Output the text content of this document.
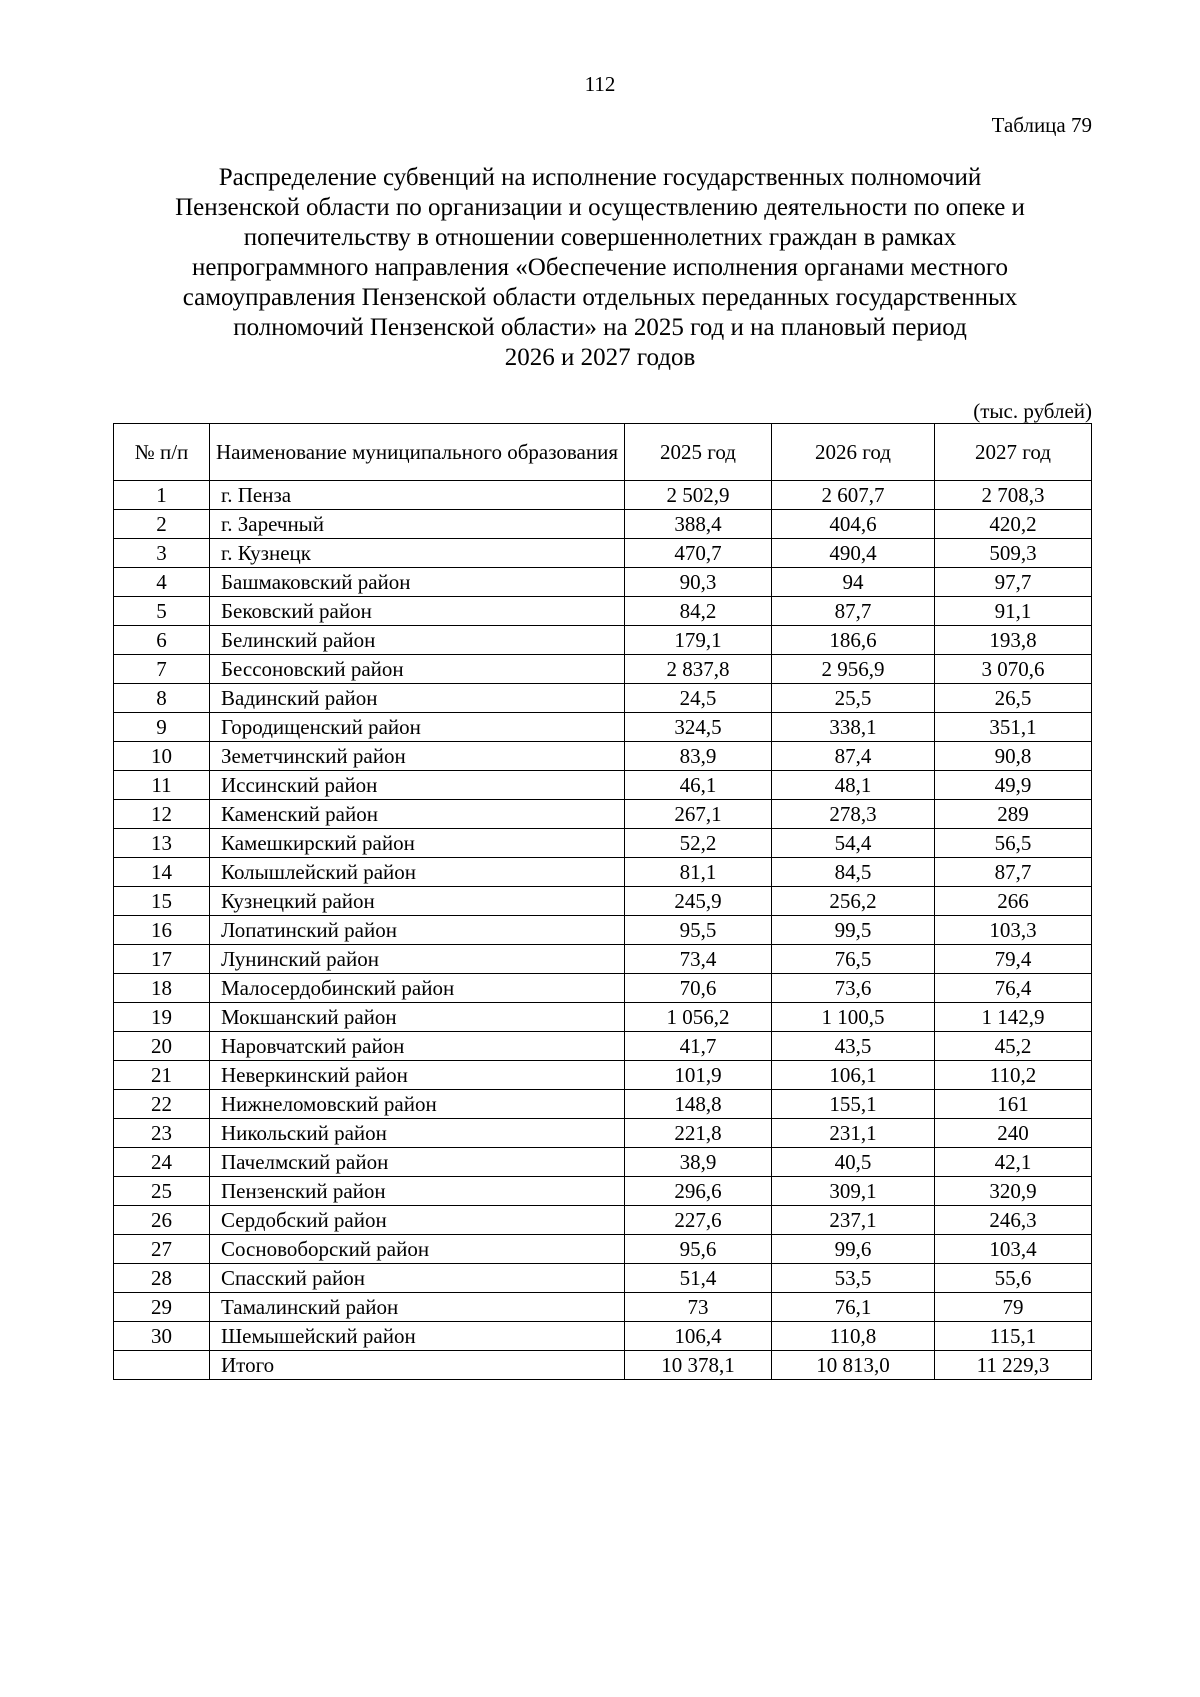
112
Таблица 79
Распределение субвенций на исполнение государственных полномочий
Пензенской области по организации и осуществлению деятельности по опеке и
попечительству в отношении совершеннолетних граждан в рамках
непрограммного направления «Обеспечение исполнения органами местного
самоуправления Пензенской области отдельных переданных государственных
полномочий Пензенской области» на 2025 год и на плановый период
2026 и 2027 годов
(тыс. рублей)
№ п/п	Наименование муниципального образования	2025 год	2026 год	2027 год
1	г. Пенза	2 502,9	2 607,7	2 708,3
2	г. Заречный	388,4	404,6	420,2
3	г. Кузнецк	470,7	490,4	509,3
4	Башмаковский район	90,3	94	97,7
5	Бековский район	84,2	87,7	91,1
6	Белинский район	179,1	186,6	193,8
7	Бессоновский район	2 837,8	2 956,9	3 070,6
8	Вадинский район	24,5	25,5	26,5
9	Городищенский район	324,5	338,1	351,1
10	Земетчинский район	83,9	87,4	90,8
11	Иссинский район	46,1	48,1	49,9
12	Каменский район	267,1	278,3	289
13	Камешкирский район	52,2	54,4	56,5
14	Колышлейский район	81,1	84,5	87,7
15	Кузнецкий район	245,9	256,2	266
16	Лопатинский район	95,5	99,5	103,3
17	Лунинский район	73,4	76,5	79,4
18	Малосердобинский район	70,6	73,6	76,4
19	Мокшанский район	1 056,2	1 100,5	1 142,9
20	Наровчатский район	41,7	43,5	45,2
21	Неверкинский район	101,9	106,1	110,2
22	Нижнеломовский район	148,8	155,1	161
23	Никольский район	221,8	231,1	240
24	Пачелмский район	38,9	40,5	42,1
25	Пензенский район	296,6	309,1	320,9
26	Сердобский район	227,6	237,1	246,3
27	Сосновоборский район	95,6	99,6	103,4
28	Спасский район	51,4	53,5	55,6
29	Тамалинский район	73	76,1	79
30	Шемышейский район	106,4	110,8	115,1
	Итого	10 378,1	10 813,0	11 229,3
